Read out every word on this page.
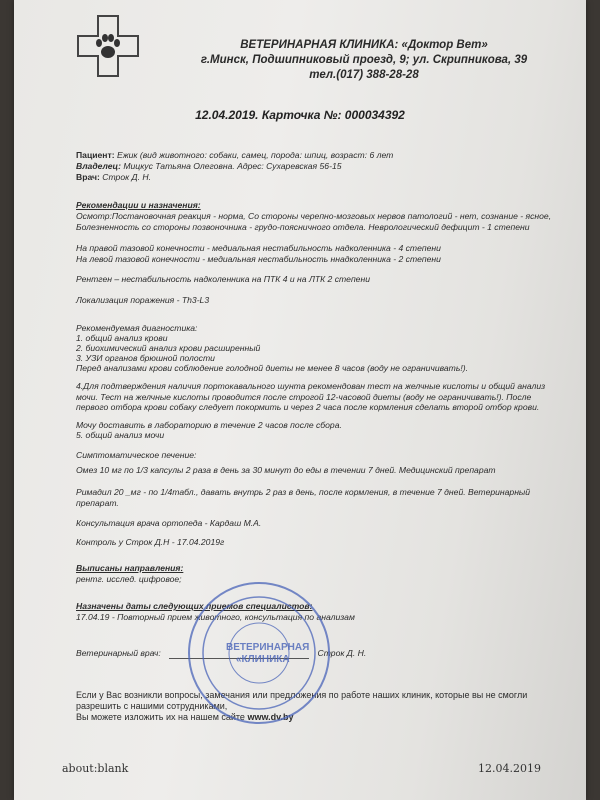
ВЕТЕРИНАРНАЯ КЛИНИКА: «Доктор Вет»
г.Минск, Подшипниковый проезд, 9; ул. Скрипникова, 39
тел.(017) 388-28-28
12.04.2019. Карточка №: 000034392
Пациент: Ежик (вид животного: собаки, самец, порода: шпиц, возраст: 6 лет
Владелец: Мицкус Татьяна Олеговна. Адрес: Сухаревская 56-15
Врач: Строк Д. Н.
Рекомендации и назначения:
Осмотр:Постановочная реакция - норма, Со стороны черепно-мозговых нервов патологий - нет, сознание - ясное, Болезненность со стороны позвоночника - грудо-поясничного отдела. Неврологический дефицит - 1 степени
На правой тазовой конечности - медиальная нестабильность надколенника - 4 степени
На левой тазовой конечности - медиальная нестабильность ннадколенника - 2 степени
Рентген – нестабильность надколенника на ПТК 4 и на ЛТК 2 степени
Локализация поражения - Th3-L3
Рекомендуемая диагностика:
1. общий анализ крови
2. биохимический анализ крови расширенный
3. УЗИ органов брюшной полости
Перед анализами крови соблюдение голодной диеты не менее 8 часов (воду не ограничивать!).
4.Для подтверждения наличия портокавального шунта рекомендован тест на желчные кислоты и общий анализ мочи. Тест на желчные кислоты проводится после строгой 12-часовой диеты (воду не ограничивать!). После первого отбора крови собаку следует покормить и через 2 часа после кормления сделать второй отбор крови.
Мочу доставить в лабораторию в течение 2 часов после сбора.
5. общий анализ мочи
Симптоматическое печение:
Омез 10 мг по 1/3 капсулы 2 раза в день за 30 минут до еды в течении 7 дней. Медицинский препарат
Римадил 20 _мг - по 1/4табл., давать внутрь 2 раз в день, после кормления, в течение 7 дней. Ветеринарный препарат.
Консультация врача ортопеда - Кардаш М.А.
Контроль у Строк Д.Н - 17.04.2019г
Выписаны направления:
рентг. исслед. цифровое;
Назначены даты следующих приемов специалистов:
17.04.19 - Повторный прием животного, консультация по анализам
Ветеринарный врач:	Строк Д. Н.
Если у Вас возникли вопросы, замечания или предложения по работе наших клиник, которые вы не смогли разрешить с нашими сотрудниками,
Вы можете изложить их на нашем сайте www.dv.by
ВЕТЕРИНАРНАЯ
«КЛИНИКА
about:blank	12.04.2019
